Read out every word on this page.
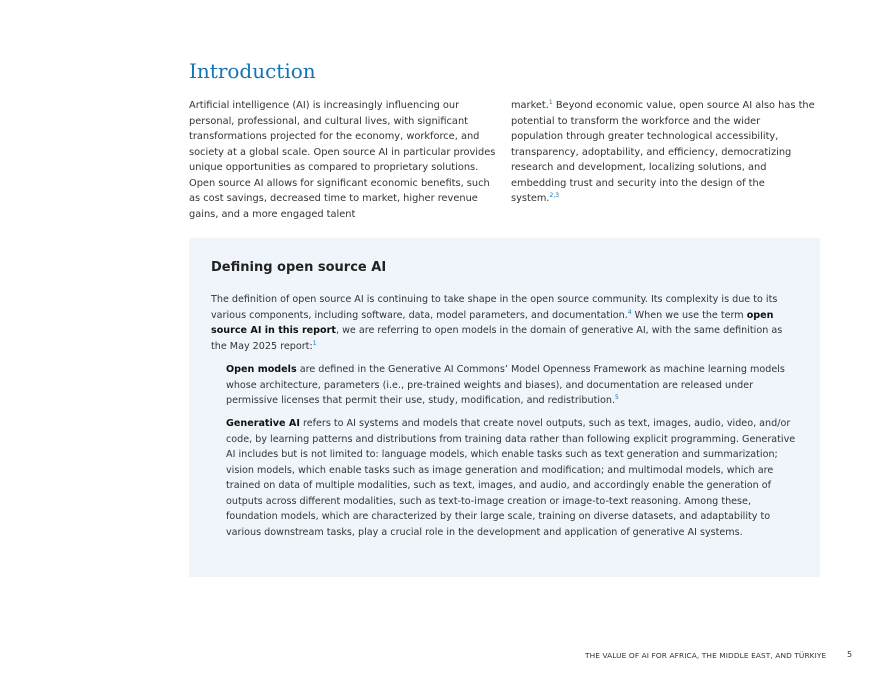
Introduction

Artificial intelligence (AI) is increasingly influencing our personal, professional, and cultural lives, with significant transformations projected for the economy, workforce, and society at a global scale. Open source AI in particular provides unique opportunities as compared to proprietary solutions. Open source AI allows for significant economic benefits, such as cost savings, decreased time to market, higher revenue gains, and a more engaged talent

market.$^1$ Beyond economic value, open source AI also has the potential to transform the workforce and the wider population through greater technological accessibility, transparency, adoptability, and efficiency, democratizing research and development, localizing solutions, and embedding trust and security into the design of the system.$^{2,3}$

Defining open source AI

The definition of open source AI is continuing to take shape in the open source community. Its complexity is due to its various components, including software, data, model parameters, and documentation.$^4$ When we use the term open source AI in this report, we are referring to open models in the domain of generative AI, with the same definition as the May 2025 report:$^1$

Open models are defined in the Generative AI Commons’ Model Openness Framework as machine learning models whose architecture, parameters (i.e., pre-trained weights and biases), and documentation are released under permissive licenses that permit their use, study, modification, and redistribution.$^5$

Generative AI refers to AI systems and models that create novel outputs, such as text, images, audio, video, and/or code, by learning patterns and distributions from training data rather than following explicit programming. Generative AI includes but is not limited to: language models, which enable tasks such as text generation and summarization; vision models, which enable tasks such as image generation and modification; and multimodal models, which are trained on data of multiple modalities, such as text, images, and audio, and accordingly enable the generation of outputs across different modalities, such as text-to-image creation or image-to-text reasoning. Among these, foundation models, which are characterized by their large scale, training on diverse datasets, and adaptability to various downstream tasks, play a crucial role in the development and application of generative AI systems.

THE VALUE OF AI FOR AFRICA, THE MIDDLE EAST, AND TÜRKIYE	5
